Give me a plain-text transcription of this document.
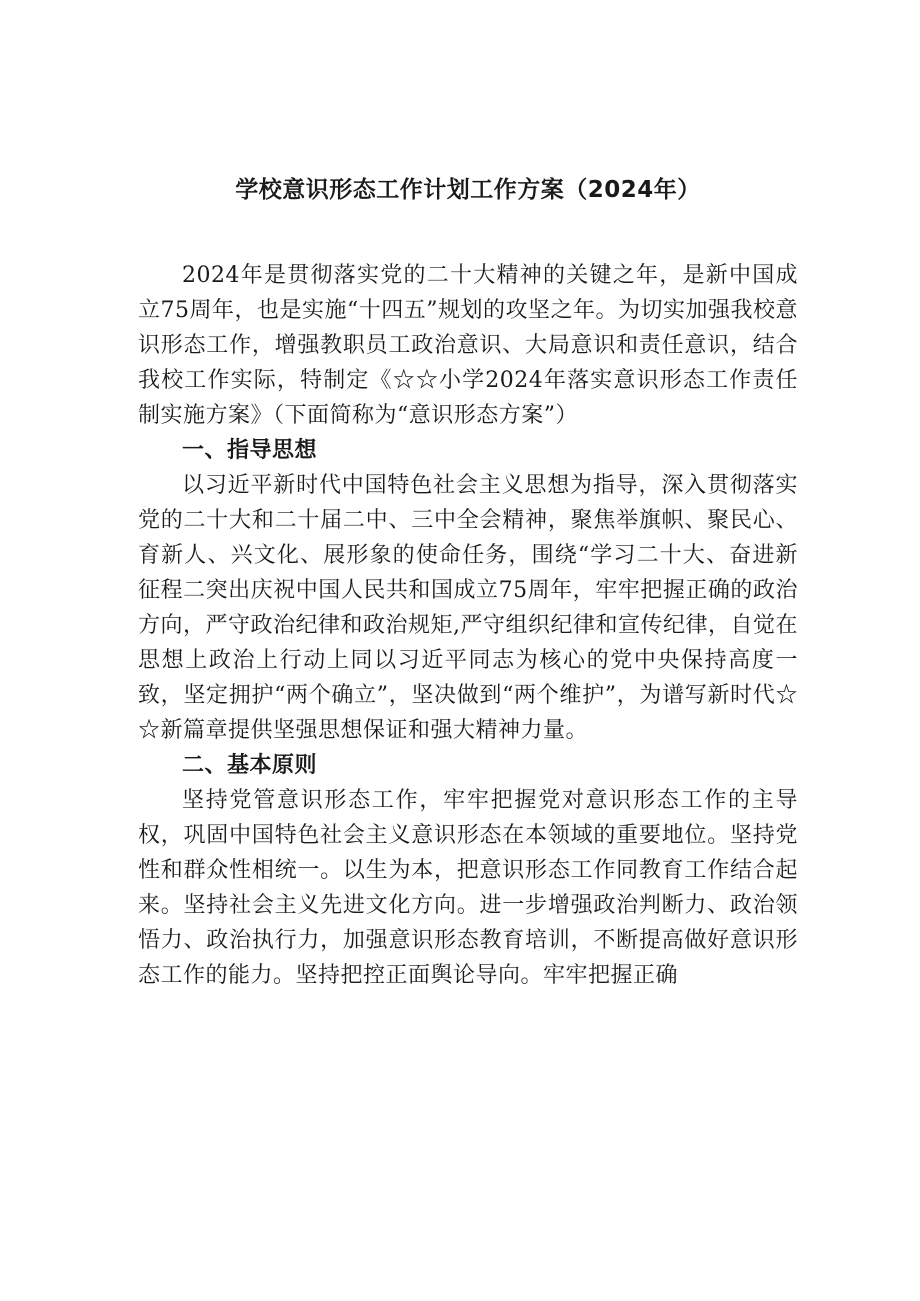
学校意识形态工作计划工作方案（2024年）

2024年是贯彻落实党的二十大精神的关键之年，是新中国成立75周年，也是实施“十四五”规划的攻坚之年。为切实加强我校意识形态工作，增强教职员工政治意识、大局意识和责任意识，结合我校工作实际，特制定《☆☆小学2024年落实意识形态工作责任制实施方案》（下面简称为“意识形态方案”）

一、指导思想

以习近平新时代中国特色社会主义思想为指导，深入贯彻落实党的二十大和二十届二中、三中全会精神，聚焦举旗帜、聚民心、育新人、兴文化、展形象的使命任务，围绕“学习二十大、奋进新征程二突出庆祝中国人民共和国成立75周年，牢牢把握正确的政治方向，严守政治纪律和政治规矩,严守组织纪律和宣传纪律，自觉在思想上政治上行动上同以习近平同志为核心的党中央保持高度一致，坚定拥护“两个确立”，坚决做到“两个维护”，为谱写新时代☆☆新篇章提供坚强思想保证和强大精神力量。

二、基本原则

坚持党管意识形态工作，牢牢把握党对意识形态工作的主导权，巩固中国特色社会主义意识形态在本领域的重要地位。坚持党性和群众性相统一。以生为本，把意识形态工作同教育工作结合起来。坚持社会主义先进文化方向。进一步增强政治判断力、政治领悟力、政治执行力，加强意识形态教育培训，不断提高做好意识形态工作的能力。坚持把控正面舆论导向。牢牢把握正确
